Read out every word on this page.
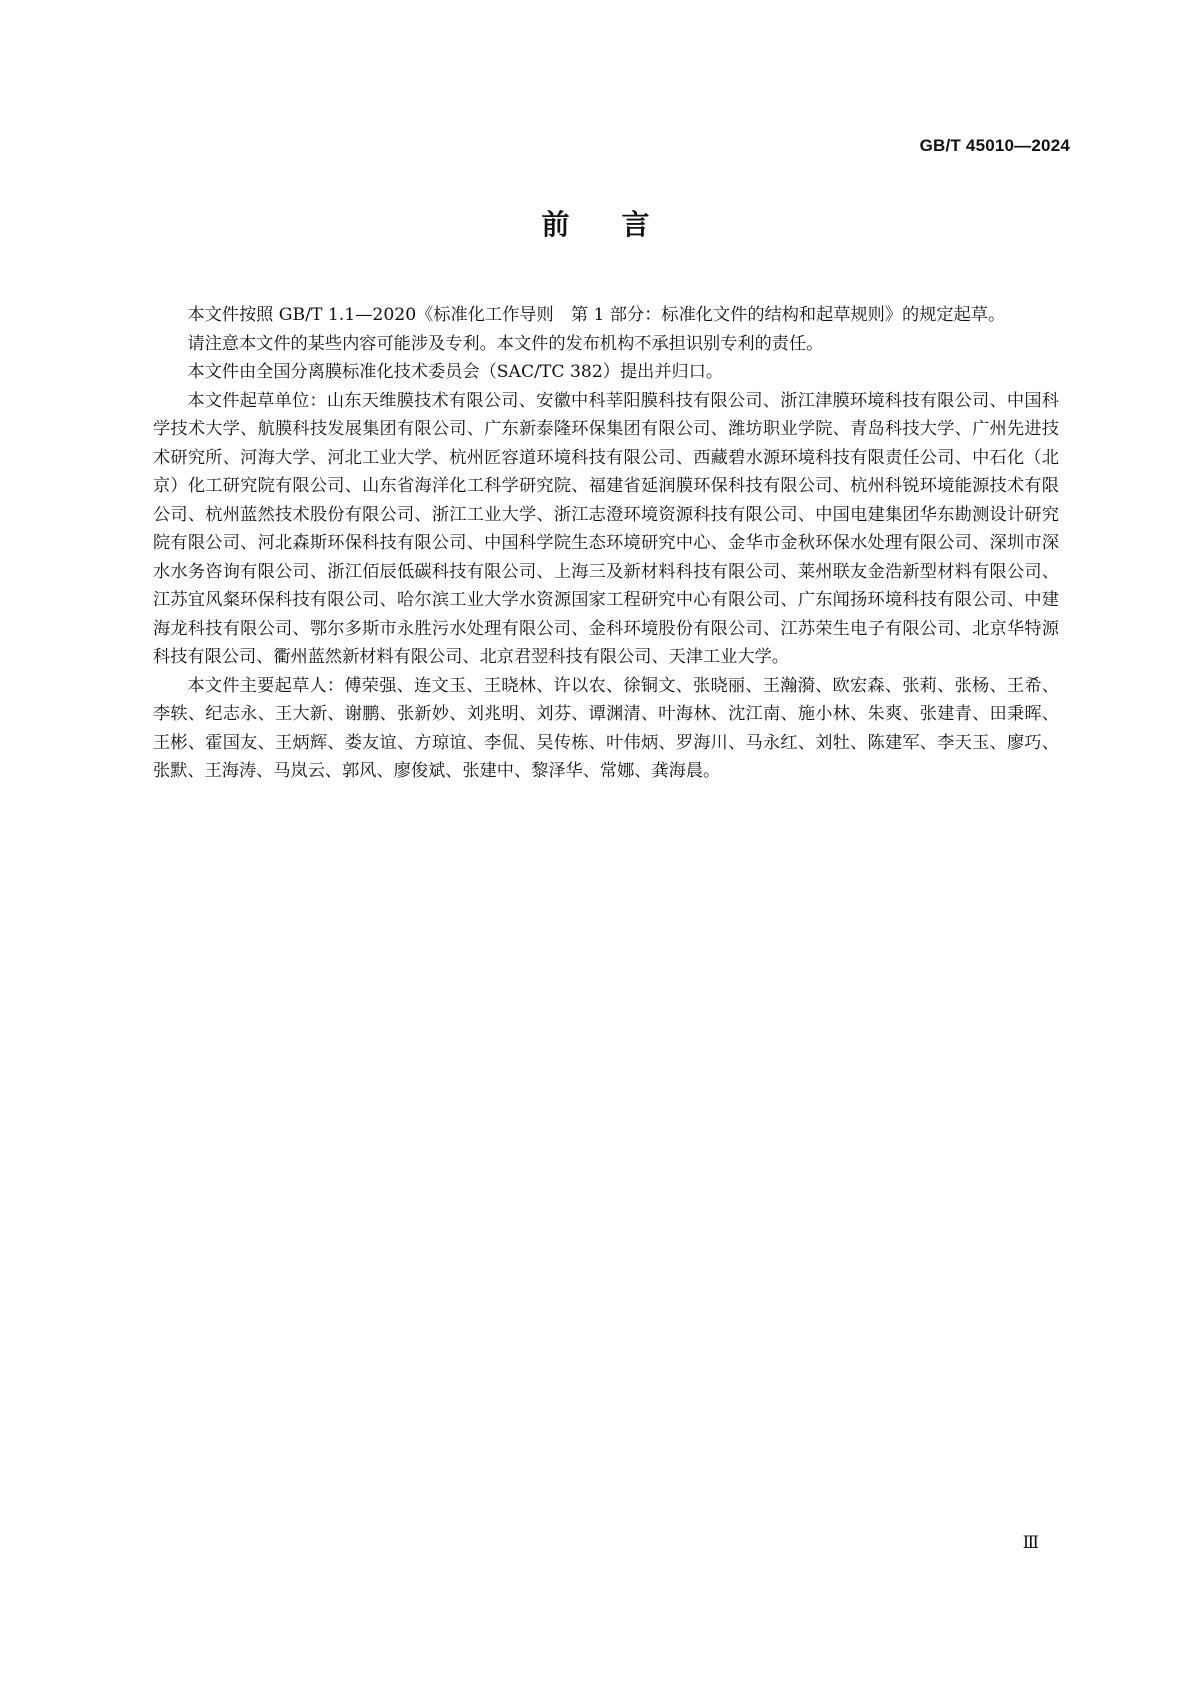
GB/T 45010—2024
前言

本文件按照 GB/T 1.1—2020《标准化工作导则　第 1 部分：标准化文件的结构和起草规则》的规定起草。

请注意本文件的某些内容可能涉及专利。本文件的发布机构不承担识别专利的责任。

本文件由全国分离膜标准化技术委员会（SAC/TC 382）提出并归口。

本文件起草单位：山东天维膜技术有限公司、安徽中科莘阳膜科技有限公司、浙江津膜环境科技有限公司、中国科学技术大学、航膜科技发展集团有限公司、广东新泰隆环保集团有限公司、潍坊职业学院、青岛科技大学、广州先进技术研究所、河海大学、河北工业大学、杭州匠容道环境科技有限公司、西藏碧水源环境科技有限责任公司、中石化（北京）化工研究院有限公司、山东省海洋化工科学研究院、福建省延润膜环保科技有限公司、杭州科锐环境能源技术有限公司、杭州蓝然技术股份有限公司、浙江工业大学、浙江志澄环境资源科技有限公司、中国电建集团华东勘测设计研究院有限公司、河北森斯环保科技有限公司、中国科学院生态环境研究中心、金华市金秋环保水处理有限公司、深圳市深水水务咨询有限公司、浙江佰辰低碳科技有限公司、上海三及新材料科技有限公司、莱州联友金浩新型材料有限公司、江苏宜风粲环保科技有限公司、哈尔滨工业大学水资源国家工程研究中心有限公司、广东闻扬环境科技有限公司、中建海龙科技有限公司、鄂尔多斯市永胜污水处理有限公司、金科环境股份有限公司、江苏荣生电子有限公司、北京华特源科技有限公司、衢州蓝然新材料有限公司、北京君翌科技有限公司、天津工业大学。

本文件主要起草人：傅荣强、连文玉、王晓林、许以农、徐铜文、张晓丽、王瀚漪、欧宏森、张莉、张杨、王希、李轶、纪志永、王大新、谢鹏、张新妙、刘兆明、刘芬、谭渊清、叶海林、沈江南、施小林、朱爽、张建青、田秉晖、王彬、霍国友、王炳辉、娄友谊、方琼谊、李侃、吴传栋、叶伟炳、罗海川、马永红、刘牡、陈建军、李天玉、廖巧、张默、王海涛、马岚云、郭风、廖俊斌、张建中、黎泽华、常娜、龚海晨。

Ⅲ
